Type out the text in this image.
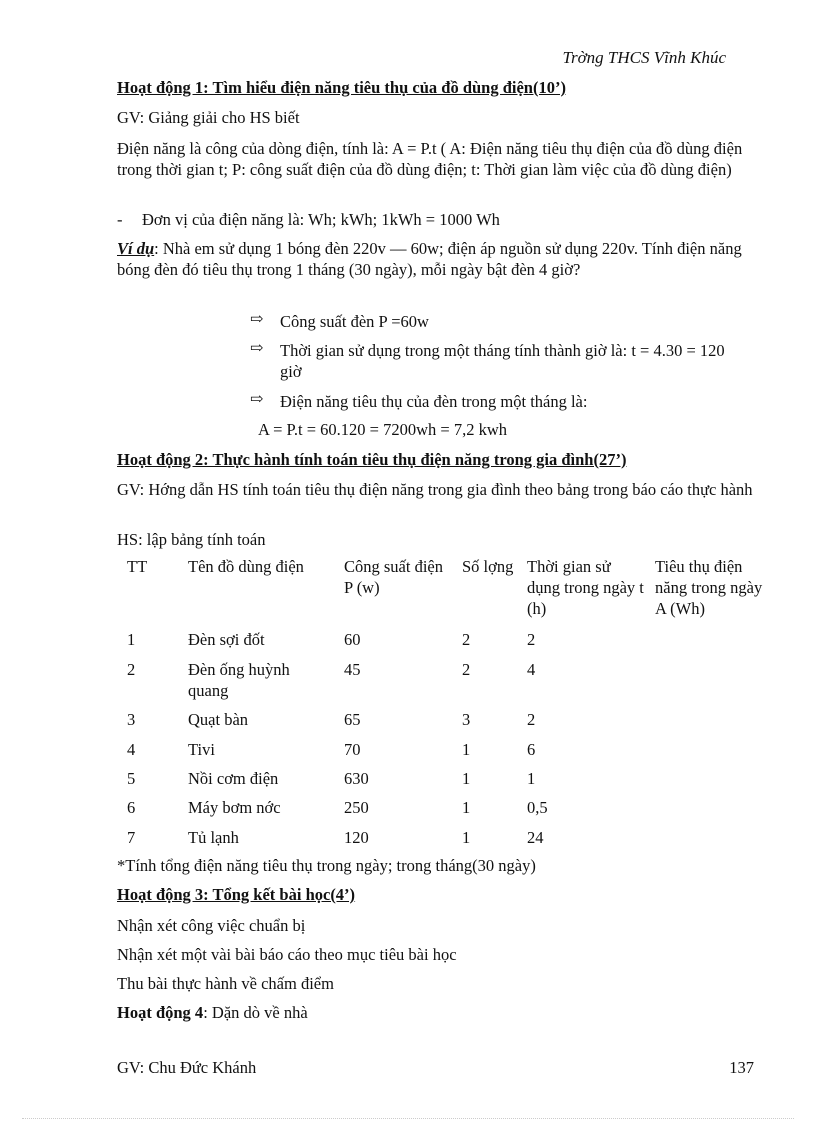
Trờng THCS Vĩnh Khúc
Hoạt động 1: Tìm hiểu điện năng tiêu thụ của đồ dùng điện(10’)
GV: Giảng giải cho HS biết
Điện năng là công của dòng điện, tính là: A = P.t ( A: Điện năng tiêu thụ điện của đồ dùng điện trong thời gian t; P: công suất điện của đồ dùng điện; t: Thời gian làm việc của đồ dùng điện)
- Đơn vị của điện năng là: Wh; kWh; 1kWh = 1000 Wh
Ví dụ: Nhà em sử dụng 1 bóng đèn 220v — 60w; điện áp nguồn sử dụng 220v. Tính điện năng bóng đèn đó tiêu thụ trong 1 tháng (30 ngày), mỗi ngày bật đèn 4 giờ?
⇨ Công suất đèn P =60w
⇨ Thời gian sử dụng trong một tháng tính thành giờ là: t = 4.30 = 120 giờ
⇨ Điện năng tiêu thụ của đèn trong một tháng là:
A = P.t = 60.120 = 7200wh = 7,2 kwh
Hoạt động 2: Thực hành tính toán tiêu thụ điện năng trong gia đình(27’)
GV: Hớng dẫn HS tính toán tiêu thụ điện năng trong gia đình theo bảng trong báo cáo thực hành
HS: lập bảng tính toán
TT	Tên đồ dùng điện	Công suất điện P (w)	Số lợng	Thời gian sử dụng trong ngày t (h)	Tiêu thụ điện năng trong ngày A (Wh)
1	Đèn sợi đốt	60	2	2	
2	Đèn ống huỳnh quang	45	2	4	
3	Quạt bàn	65	3	2	
4	Tivi	70	1	6	
5	Nồi cơm điện	630	1	1	
6	Máy bơm nớc	250	1	0,5	
7	Tủ lạnh	120	1	24	
*Tính tổng điện năng tiêu thụ trong ngày; trong tháng(30 ngày)
Hoạt động 3: Tổng kết bài học(4’)
Nhận xét công việc chuẩn bị
Nhận xét một vài bài báo cáo theo mục tiêu bài học
Thu bài thực hành về chấm điểm
Hoạt động 4: Dặn dò về nhà
GV: Chu Đức Khánh	137
